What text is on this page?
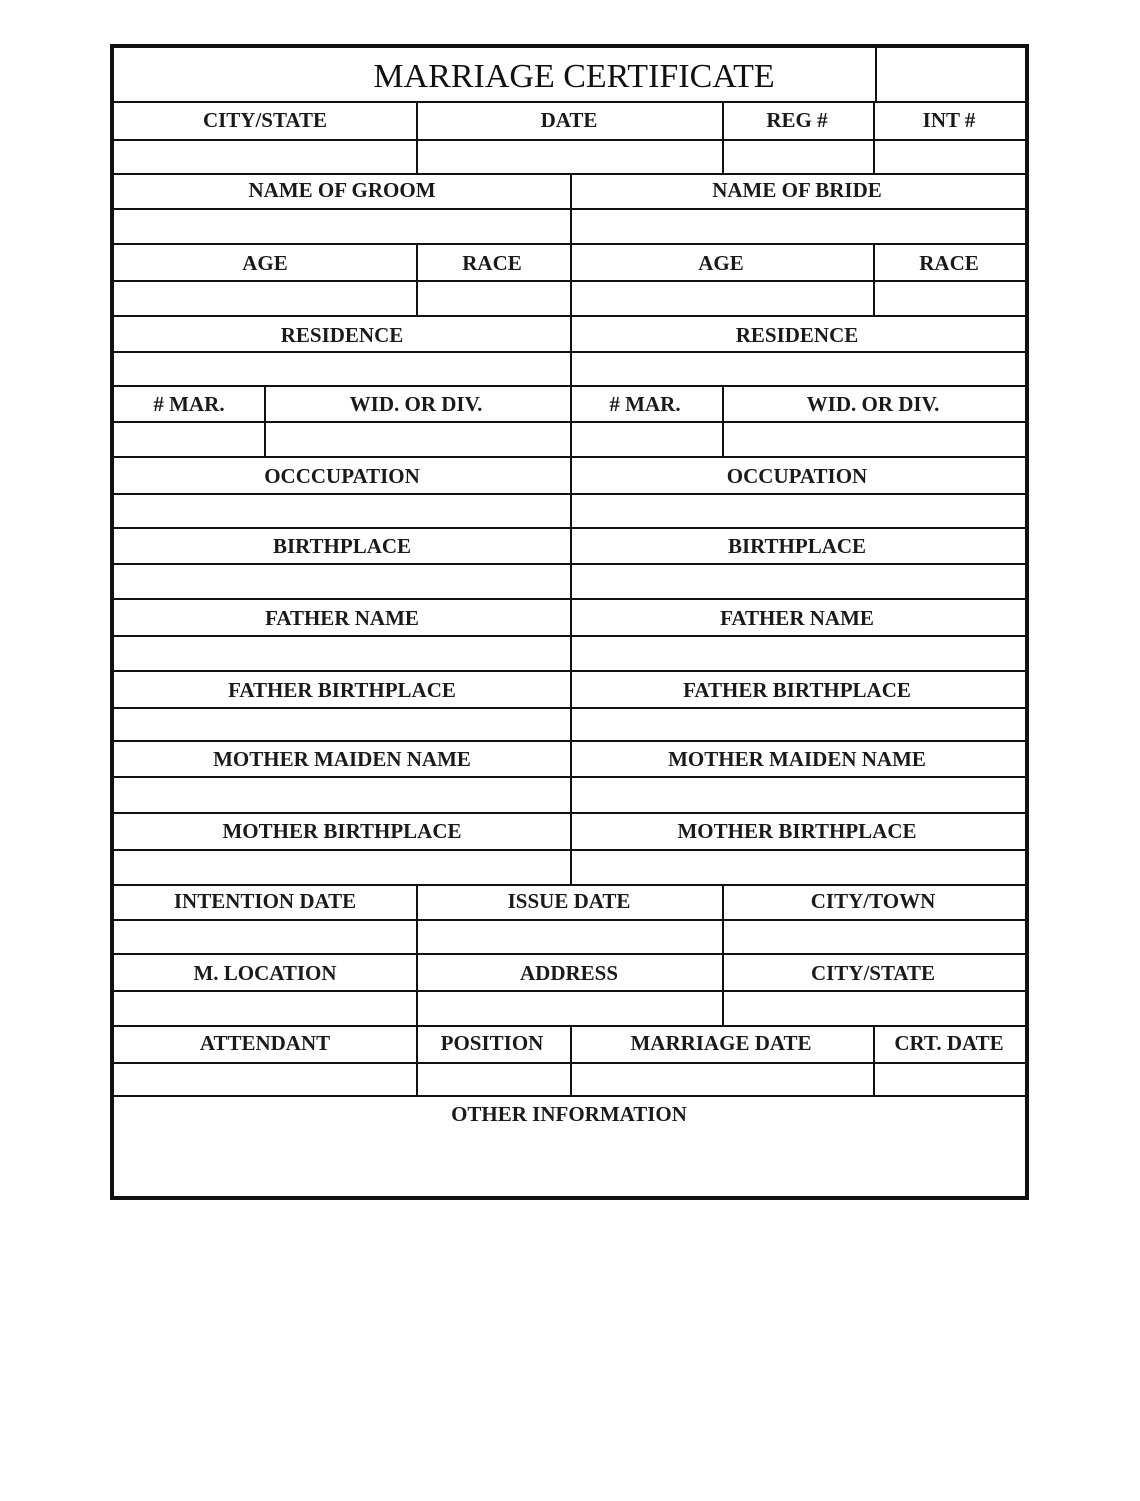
MARRIAGE CERTIFICATE
CITY/STATE	DATE	REG #	INT #
NAME OF GROOM	NAME OF BRIDE
AGE	RACE	AGE	RACE
RESIDENCE	RESIDENCE
# MAR.	WID. OR DIV.	# MAR.	WID. OR DIV.
OCCCUPATION	OCCUPATION
BIRTHPLACE	BIRTHPLACE
FATHER NAME	FATHER NAME
FATHER BIRTHPLACE	FATHER BIRTHPLACE
MOTHER MAIDEN NAME	MOTHER MAIDEN NAME
MOTHER BIRTHPLACE	MOTHER BIRTHPLACE
INTENTION DATE	ISSUE DATE	CITY/TOWN
M. LOCATION	ADDRESS	CITY/STATE
ATTENDANT	POSITION	MARRIAGE DATE	CRT. DATE
OTHER INFORMATION
